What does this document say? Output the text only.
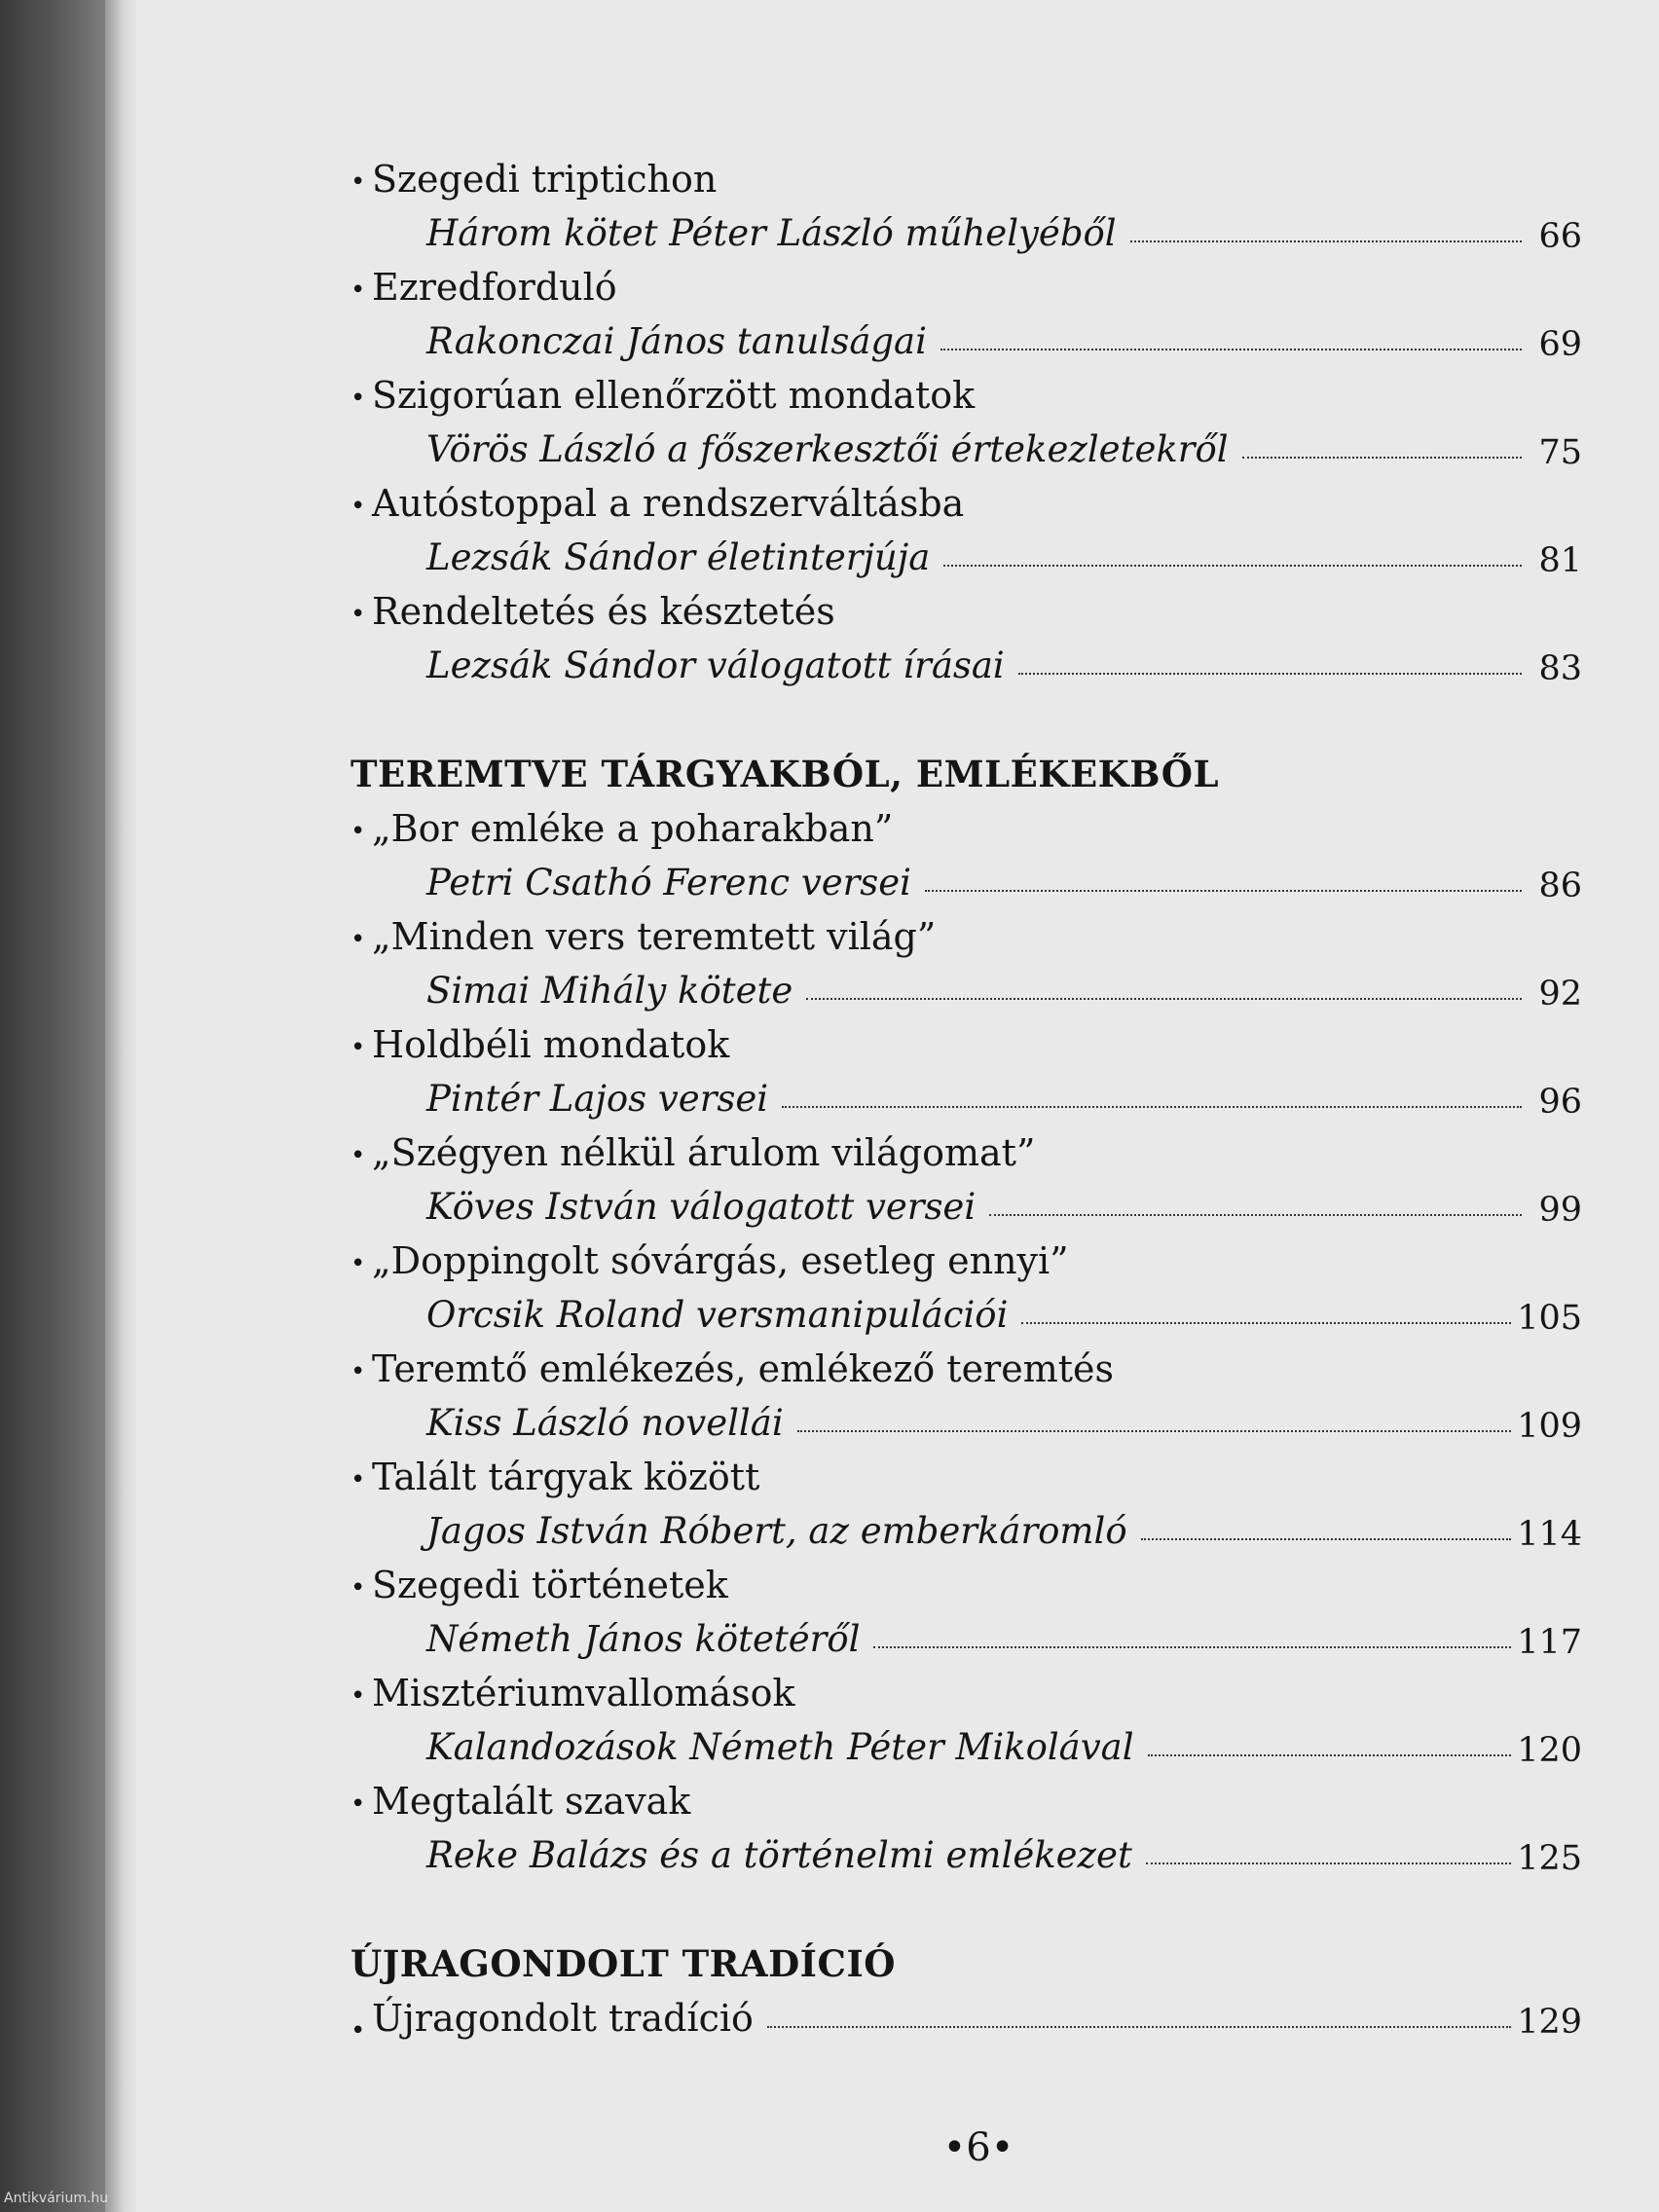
• Szegedi triptichon
Három kötet Péter László műhelyéből	66
• Ezredforduló
Rakonczai János tanulságai	69
• Szigorúan ellenőrzött mondatok
Vörös László a főszerkesztői értekezletekről	75
• Autóstoppal a rendszerváltásba
Lezsák Sándor életinterjúja	81
• Rendeltetés és késztetés
Lezsák Sándor válogatott írásai	83
TEREMTVE TÁRGYAKBÓL, EMLÉKEKBŐL
• „Bor emléke a poharakban”
Petri Csathó Ferenc versei	86
• „Minden vers teremtett világ”
Simai Mihály kötete	92
• Holdbéli mondatok
Pintér Lajos versei	96
• „Szégyen nélkül árulom világomat”
Köves István válogatott versei	99
• „Doppingolt sóvárgás, esetleg ennyi”
Orcsik Roland versmanipulációi	105
• Teremtő emlékezés, emlékező teremtés
Kiss László novellái	109
• Talált tárgyak között
Jagos István Róbert, az emberkáromló	114
• Szegedi történetek
Németh János kötetéről	117
• Misztériumvallomások
Kalandozások Németh Péter Mikolával	120
• Megtalált szavak
Reke Balázs és a történelmi emlékezet	125
ÚJRAGONDOLT TRADÍCIÓ
• Újragondolt tradíció	129
•6•
Antikvárium.hu
